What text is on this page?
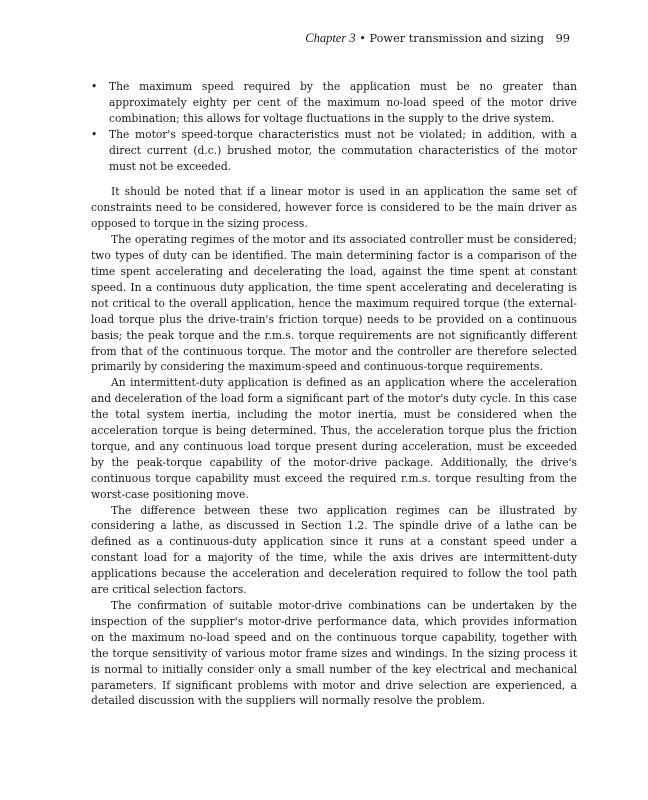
Chapter 3 • Power transmission and sizing 99
• The maximum speed required by the application must be no greater than approximately eighty per cent of the maximum no-load speed of the motor drive combination; this allows for voltage fluctuations in the supply to the drive system.
• The motor's speed-torque characteristics must not be violated; in addition, with a direct current (d.c.) brushed motor, the commutation characteristics of the motor must not be exceeded.

It should be noted that if a linear motor is used in an application the same set of constraints need to be considered, however force is considered to be the main driver as opposed to torque in the sizing process.

The operating regimes of the motor and its associated controller must be considered; two types of duty can be identified. The main determining factor is a comparison of the time spent accelerating and decelerating the load, against the time spent at constant speed. In a continuous duty application, the time spent accelerating and decelerating is not critical to the overall application, hence the maximum required torque (the external-load torque plus the drive-train's friction torque) needs to be provided on a continuous basis; the peak torque and the r.m.s. torque requirements are not significantly different from that of the continuous torque. The motor and the controller are therefore selected primarily by considering the maximum-speed and continuous-torque requirements.

An intermittent-duty application is defined as an application where the acceleration and deceleration of the load form a significant part of the motor's duty cycle. In this case the total system inertia, including the motor inertia, must be considered when the acceleration torque is being determined. Thus, the acceleration torque plus the friction torque, and any continuous load torque present during acceleration, must be exceeded by the peak-torque capability of the motor-drive package. Additionally, the drive's continuous torque capability must exceed the required r.m.s. torque resulting from the worst-case positioning move.

The difference between these two application regimes can be illustrated by considering a lathe, as discussed in Section 1.2. The spindle drive of a lathe can be defined as a continuous-duty application since it runs at a constant speed under a constant load for a majority of the time, while the axis drives are intermittent-duty applications because the acceleration and deceleration required to follow the tool path are critical selection factors.

The confirmation of suitable motor-drive combinations can be undertaken by the inspection of the supplier's motor-drive performance data, which provides information on the maximum no-load speed and on the continuous torque capability, together with the torque sensitivity of various motor frame sizes and windings. In the sizing process it is normal to initially consider only a small number of the key electrical and mechanical parameters. If significant problems with motor and drive selection are experienced, a detailed discussion with the suppliers will normally resolve the problem.
